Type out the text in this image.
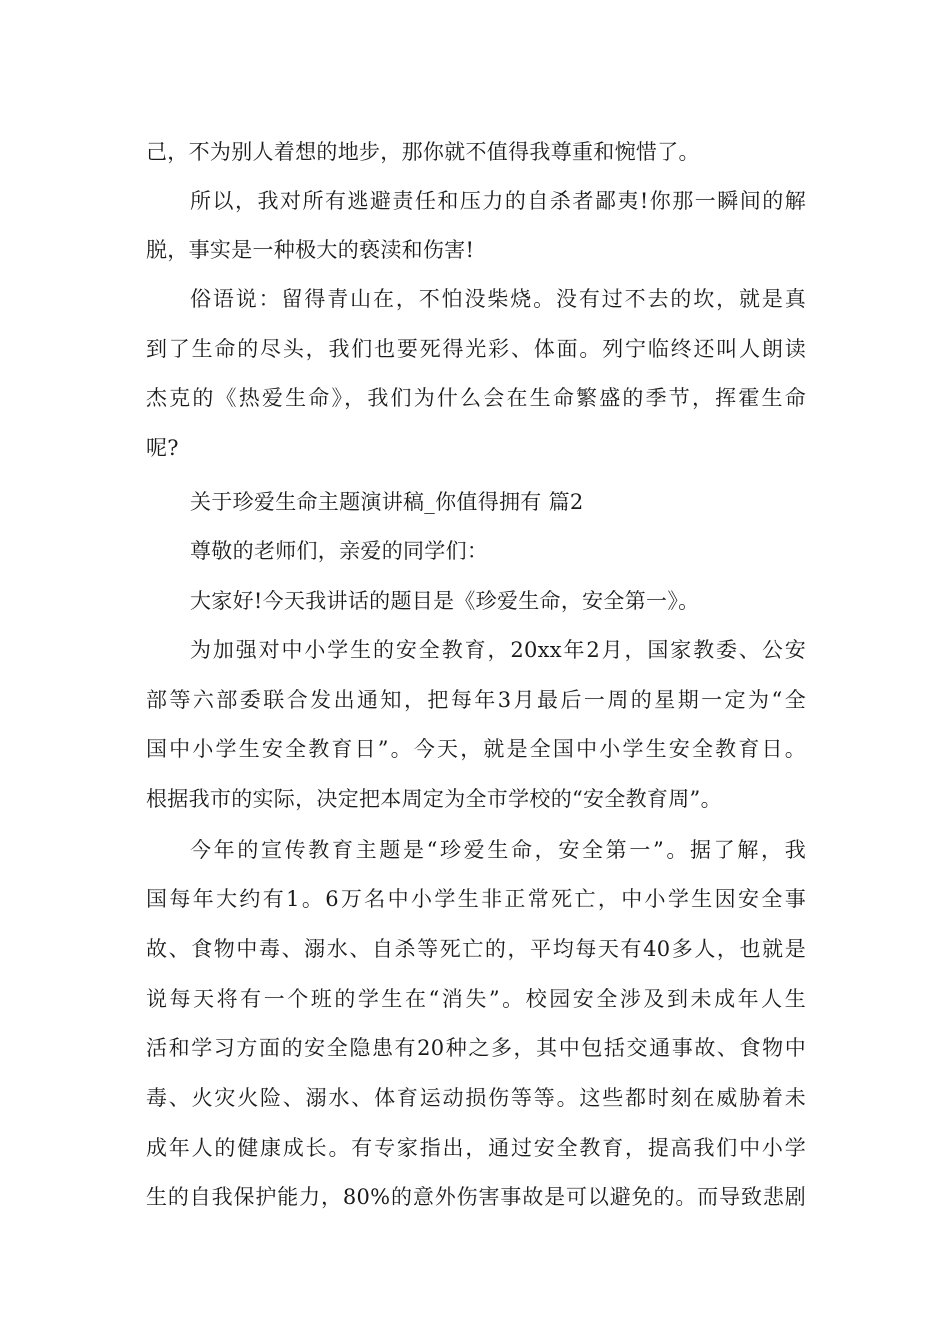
己，不为别人着想的地步，那你就不值得我尊重和惋惜了。
所以，我对所有逃避责任和压力的自杀者鄙夷!你那一瞬间的解
脱，事实是一种极大的亵渎和伤害!
俗语说：留得青山在，不怕没柴烧。没有过不去的坎，就是真
到了生命的尽头，我们也要死得光彩、体面。列宁临终还叫人朗读
杰克的《热爱生命》，我们为什么会在生命繁盛的季节，挥霍生命
呢?
关于珍爱生命主题演讲稿_你值得拥有 篇2
尊敬的老师们，亲爱的同学们：
大家好!今天我讲话的题目是《珍爱生命，安全第一》。
为加强对中小学生的安全教育，20xx年2月，国家教委、公安
部等六部委联合发出通知，把每年3月最后一周的星期一定为“全
国中小学生安全教育日”。今天，就是全国中小学生安全教育日。
根据我市的实际，决定把本周定为全市学校的“安全教育周”。
今年的宣传教育主题是“珍爱生命，安全第一”。据了解，我
国每年大约有1。6万名中小学生非正常死亡，中小学生因安全事
故、食物中毒、溺水、自杀等死亡的，平均每天有40多人，也就是
说每天将有一个班的学生在“消失”。校园安全涉及到未成年人生
活和学习方面的安全隐患有20种之多，其中包括交通事故、食物中
毒、火灾火险、溺水、体育运动损伤等等。这些都时刻在威胁着未
成年人的健康成长。有专家指出，通过安全教育，提高我们中小学
生的自我保护能力，80%的意外伤害事故是可以避免的。而导致悲剧
